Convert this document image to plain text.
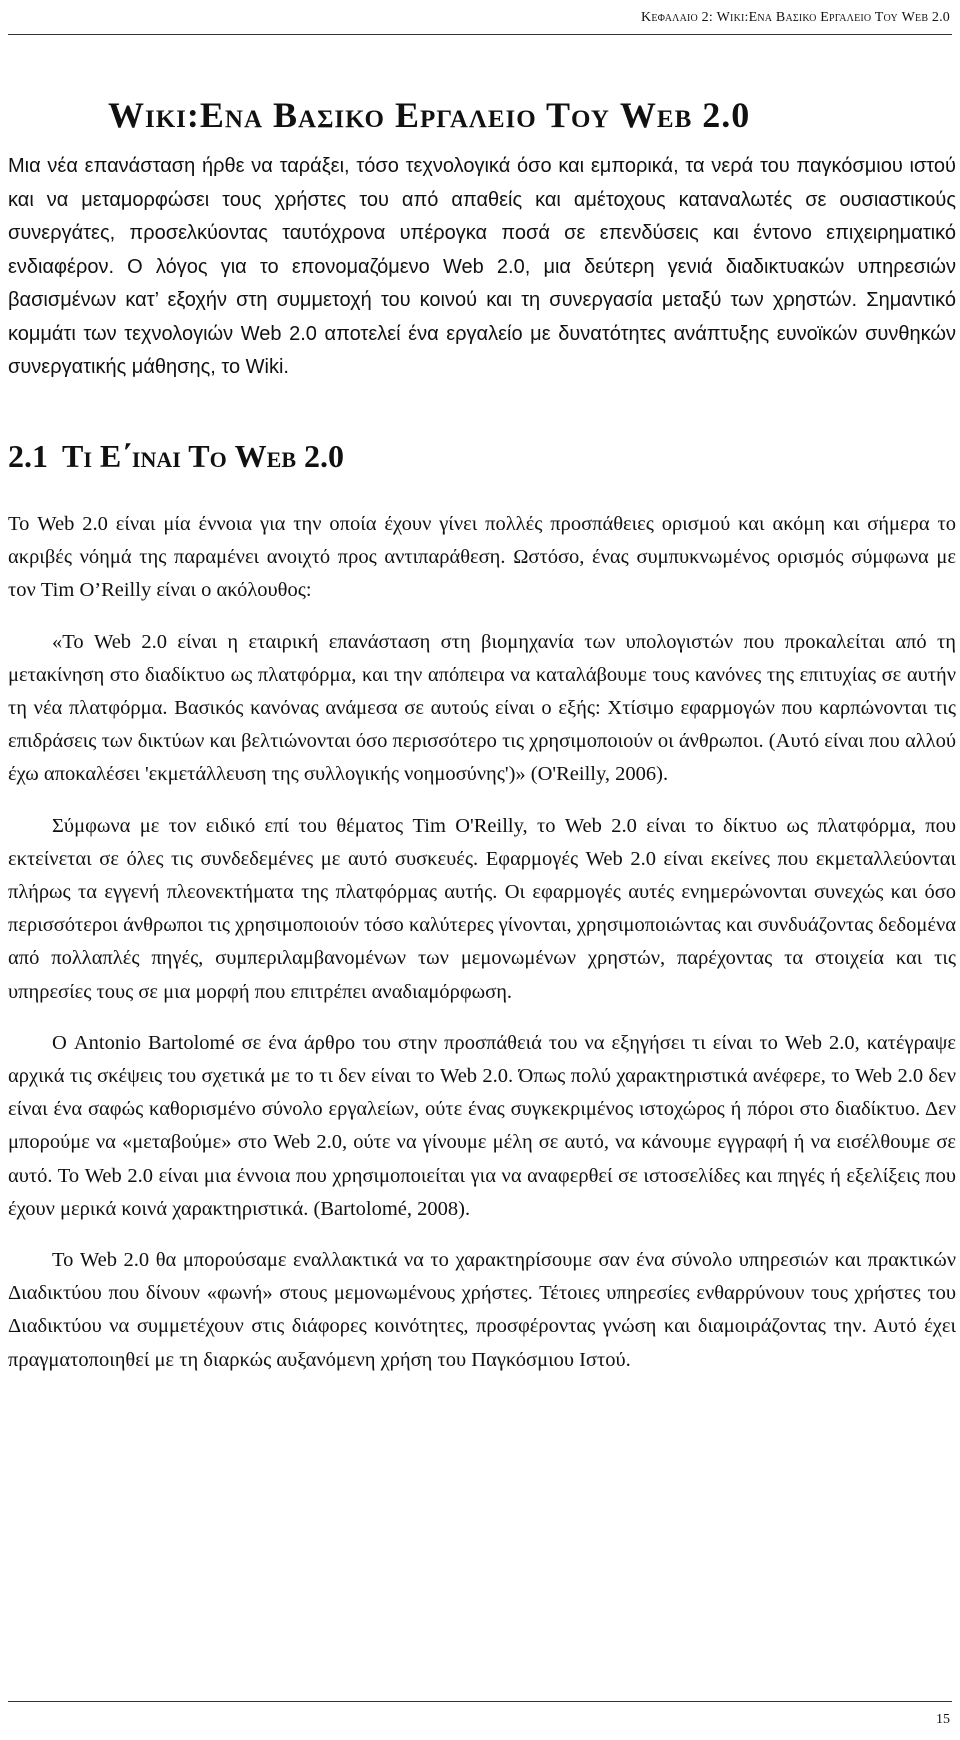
Κεφαλαιο 2: Wiki:Ενα Βασικο Εργαλειο Του Web 2.0
Wiki:Ενα Βασικο Εργαλειο Του Web 2.0

Μια νέα επανάσταση ήρθε να ταράξει, τόσο τεχνολογικά όσο και εμπορικά, τα νερά του παγκόσμιου ιστού και να μεταμορφώσει τους χρήστες του από απαθείς και αμέτοχους καταναλωτές σε ουσιαστικούς συνεργάτες, προσελκύοντας ταυτόχρονα υπέρογκα ποσά σε επενδύσεις και έντονο επιχειρηματικό ενδιαφέρον. Ο λόγος για το επονομαζόμενο Web 2.0, μια δεύτερη γενιά διαδικτυακών υπηρεσιών βασισμένων κατ’ εξοχήν στη συμμετοχή του κοινού και τη συνεργασία μεταξύ των χρηστών. Σημαντικό κομμάτι των τεχνολογιών Web 2.0 αποτελεί ένα εργαλείο με δυνατότητες ανάπτυξης ευνοϊκών συνθηκών συνεργατικής μάθησης, το Wiki.

2.1 Τι Ε΄ιναι Το Web 2.0

Το Web 2.0 είναι μία έννοια για την οποία έχουν γίνει πολλές προσπάθειες ορισμού και ακόμη και σήμερα το ακριβές νόημά της παραμένει ανοιχτό προς αντιπαράθεση. Ωστόσο, ένας συμπυκνωμένος ορισμός σύμφωνα με τον Tim O’Reilly είναι ο ακόλουθος:

«Το Web 2.0 είναι η εταιρική επανάσταση στη βιομηχανία των υπολογιστών που προκαλείται από τη μετακίνηση στο διαδίκτυο ως πλατφόρμα, και την απόπειρα να καταλάβουμε τους κανόνες της επιτυχίας σε αυτήν τη νέα πλατφόρμα. Βασικός κανόνας ανάμεσα σε αυτούς είναι ο εξής: Χτίσιμο εφαρμογών που καρπώνονται τις επιδράσεις των δικτύων και βελτιώνονται όσο περισσότερο τις χρησιμοποιούν οι άνθρωποι. (Αυτό είναι που αλλού έχω αποκαλέσει 'εκμετάλλευση της συλλογικής νοημοσύνης')» (O'Reilly, 2006).

Σύμφωνα με τον ειδικό επί του θέματος Tim O'Reilly, το Web 2.0 είναι το δίκτυο ως πλατφόρμα, που εκτείνεται σε όλες τις συνδεδεμένες με αυτό συσκευές. Εφαρμογές Web 2.0 είναι εκείνες που εκμεταλλεύονται πλήρως τα εγγενή πλεονεκτήματα της πλατφόρμας αυτής. Οι εφαρμογές αυτές ενημερώνονται συνεχώς και όσο περισσότεροι άνθρωποι τις χρησιμοποιούν τόσο καλύτερες γίνονται, χρησιμοποιώντας και συνδυάζοντας δεδομένα από πολλαπλές πηγές, συμπεριλαμβανομένων των μεμονωμένων χρηστών, παρέχοντας τα στοιχεία και τις υπηρεσίες τους σε μια μορφή που επιτρέπει αναδιαμόρφωση.

Ο Antonio Bartolomé σε ένα άρθρο του στην προσπάθειά του να εξηγήσει τι είναι το Web 2.0, κατέγραψε αρχικά τις σκέψεις του σχετικά με το τι δεν είναι το Web 2.0. Όπως πολύ χαρακτηριστικά ανέφερε, το Web 2.0 δεν είναι ένα σαφώς καθορισμένο σύνολο εργαλείων, ούτε ένας συγκεκριμένος ιστοχώρος ή πόροι στο διαδίκτυο. Δεν μπορούμε να «μεταβούμε» στο Web 2.0, ούτε να γίνουμε μέλη σε αυτό, να κάνουμε εγγραφή ή να εισέλθουμε σε αυτό. Το Web 2.0 είναι μια έννοια που χρησιμοποιείται για να αναφερθεί σε ιστοσελίδες και πηγές ή εξελίξεις που έχουν μερικά κοινά χαρακτηριστικά. (Bartolomé, 2008).

Το Web 2.0 θα μπορούσαμε εναλλακτικά να το χαρακτηρίσουμε σαν ένα σύνολο υπηρεσιών και πρακτικών Διαδικτύου που δίνουν «φωνή» στους μεμονωμένους χρήστες. Τέτοιες υπηρεσίες ενθαρρύνουν τους χρήστες του Διαδικτύου να συμμετέχουν στις διάφορες κοινότητες, προσφέροντας γνώση και διαμοιράζοντας την. Αυτό έχει πραγματοποιηθεί με τη διαρκώς αυξανόμενη χρήση του Παγκόσμιου Ιστού.

15
